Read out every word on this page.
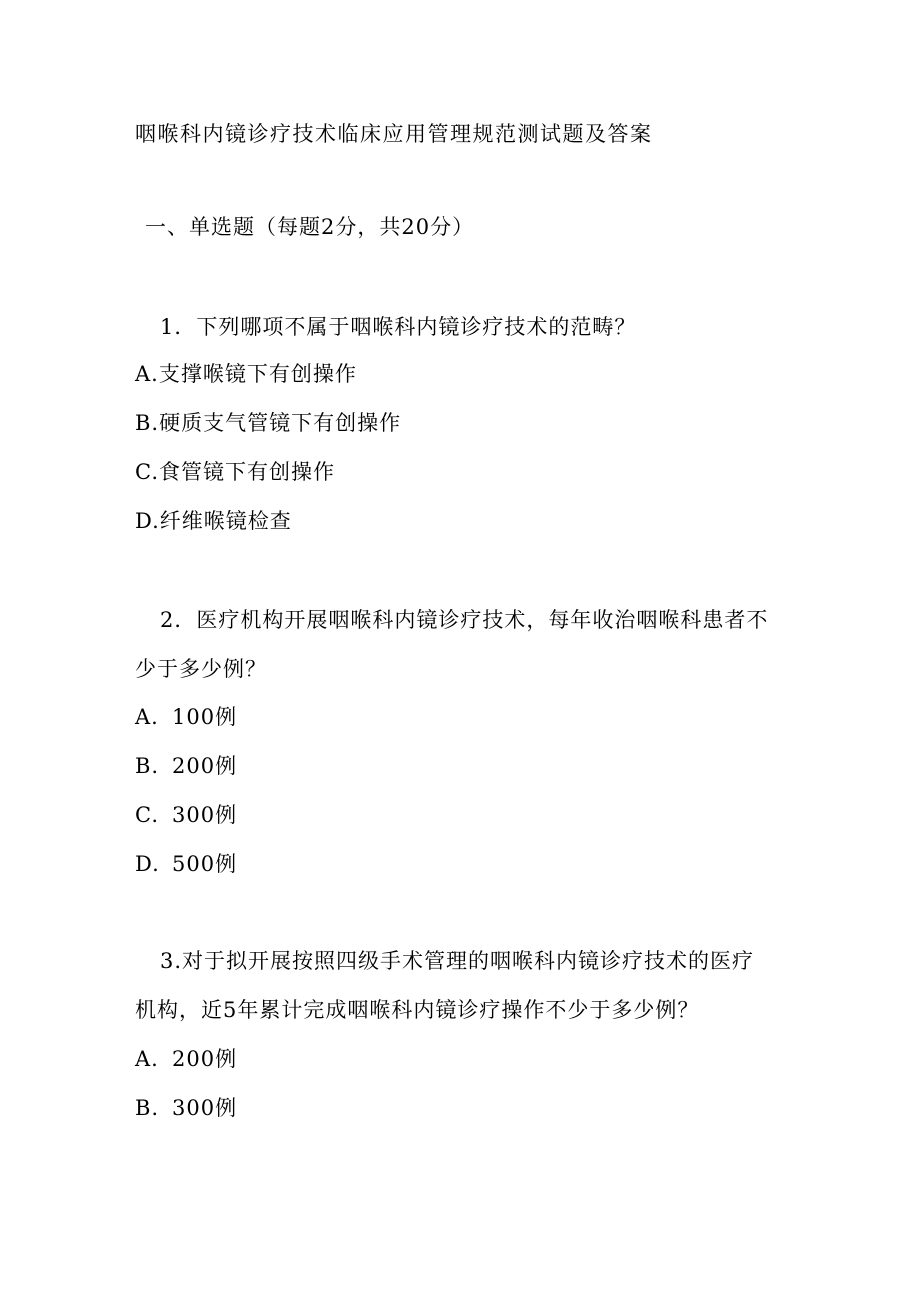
咽喉科内镜诊疗技术临床应用管理规范测试题及答案
一、单选题（每题2分，共20分）
1．下列哪项不属于咽喉科内镜诊疗技术的范畴？
A.支撑喉镜下有创操作
B.硬质支气管镜下有创操作
C.食管镜下有创操作
D.纤维喉镜检查
2．医疗机构开展咽喉科内镜诊疗技术，每年收治咽喉科患者不
少于多少例？
A. 100例
B. 200例
C. 300例
D. 500例
3.对于拟开展按照四级手术管理的咽喉科内镜诊疗技术的医疗
机构，近5年累计完成咽喉科内镜诊疗操作不少于多少例？
A. 200例
B. 300例
